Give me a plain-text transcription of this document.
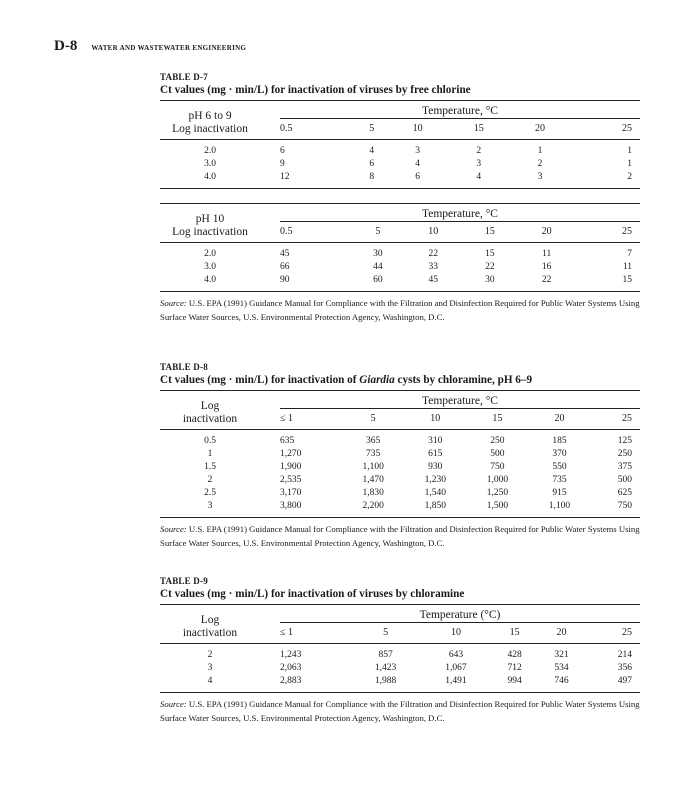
D-8 WATER AND WASTEWATER ENGINEERING
TABLE D-7
Ct values (mg · min/L) for inactivation of viruses by free chlorine
pH 6 to 9
Log inactivation		Temperature, °C						
		0.5	5	10	15	20	25	
2.0		6	4	3	2	1	1	
3.0		9	6	4	3	2	1	
4.0		12	8	6	4	3	2	
pH 10
Log inactivation		Temperature, °C						
		0.5	5	10	15	20	25	
2.0		45	30	22	15	11	7	
3.0		66	44	33	22	16	11	
4.0		90	60	45	30	22	15	
Source: U.S. EPA (1991) Guidance Manual for Compliance with the Filtration and Disinfection Required for Public Water Systems Using Surface Water Sources, U.S. Environmental Protection Agency, Washington, D.C.
TABLE D-8
Ct values (mg · min/L) for inactivation of Giardia cysts by chloramine, pH 6–9
Log
inactivation		Temperature, °C						
		≤ 1	5	10	15	20	25	
0.5		635	365	310	250	185	125	
1		1,270	735	615	500	370	250	
1.5		1,900	1,100	930	750	550	375	
2		2,535	1,470	1,230	1,000	735	500	
2.5		3,170	1,830	1,540	1,250	915	625	
3		3,800	2,200	1,850	1,500	1,100	750	
Source: U.S. EPA (1991) Guidance Manual for Compliance with the Filtration and Disinfection Required for Public Water Systems Using Surface Water Sources, U.S. Environmental Protection Agency, Washington, D.C.
TABLE D-9
Ct values (mg · min/L) for inactivation of viruses by chloramine
Log
inactivation		Temperature (°C)						
		≤ 1	5	10	15	20	25	
2		1,243	857	643	428	321	214	
3		2,063	1,423	1,067	712	534	356	
4		2,883	1,988	1,491	994	746	497	
Source: U.S. EPA (1991) Guidance Manual for Compliance with the Filtration and Disinfection Required for Public Water Systems Using Surface Water Sources, U.S. Environmental Protection Agency, Washington, D.C.
